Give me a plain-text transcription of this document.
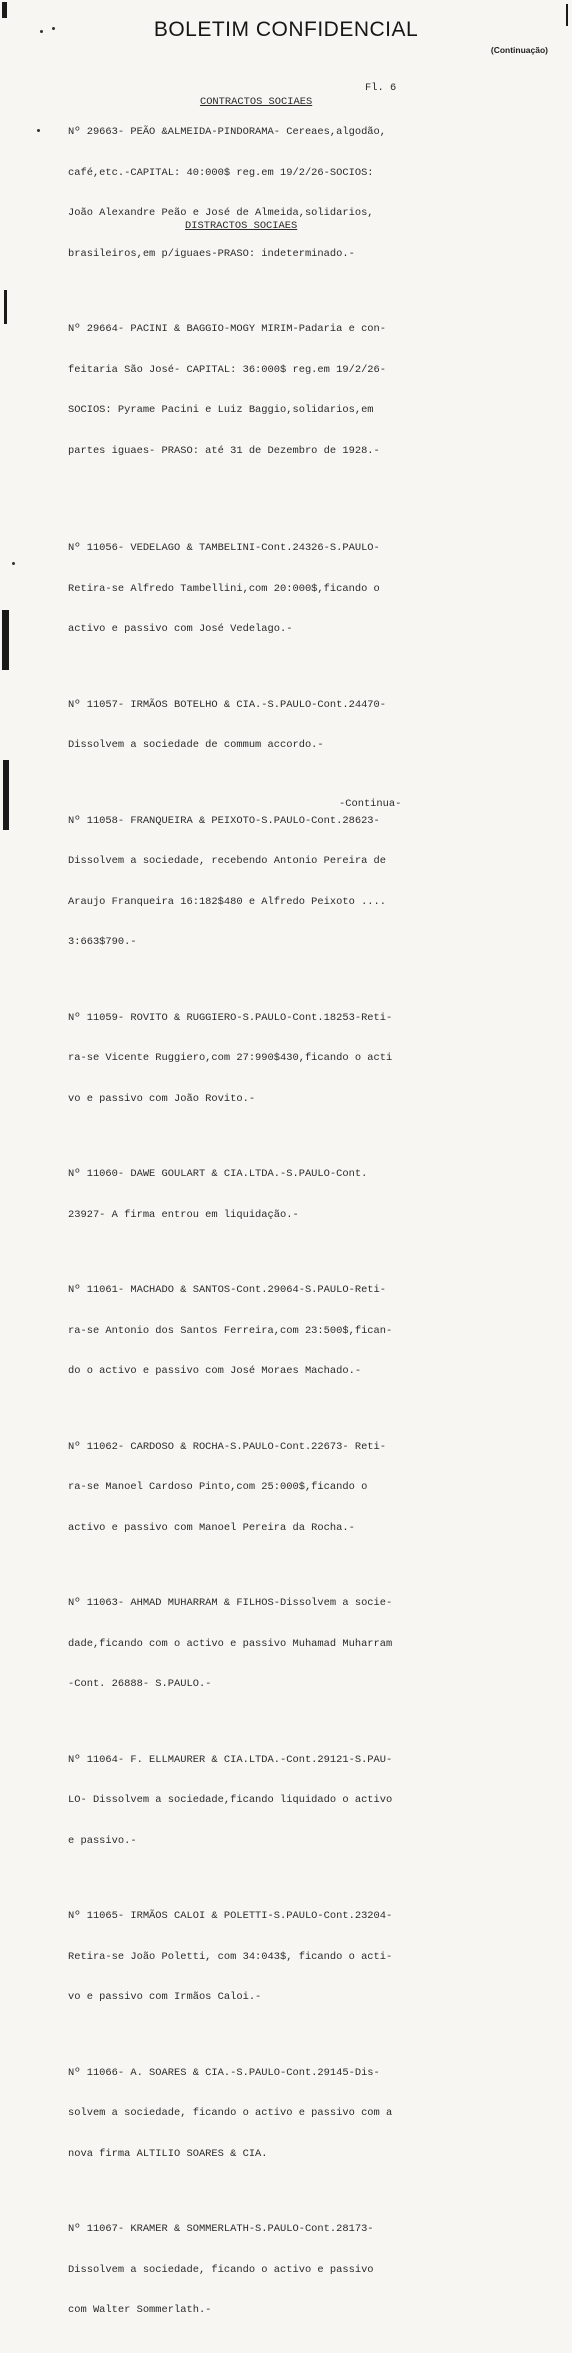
BOLETIM CONFIDENCIAL
(Continuação)

CONTRACTOS SOCIAES

Fl. 6

Nº 29663- PEÃO &ALMEIDA-PINDORAMA- Cereaes,algodão,

café,etc.-CAPITAL: 40:000$ reg.em 19/2/26-SOCIOS:

João Alexandre Peão e José de Almeida,solidarios,

brasileiros,em p/iguaes-PRASO: indeterminado.-

Nº 29664- PACINI & BAGGIO-MOGY MIRIM-Padaria e con-

feitaria São José- CAPITAL: 36:000$ reg.em 19/2/26-

SOCIOS: Pyrame Pacini e Luiz Baggio,solidarios,em

partes iguaes- PRASO: até 31 de Dezembro de 1928.-

Nº 11056- VEDELAGO & TAMBELINI-Cont.24326-S.PAULO-

Retira-se Alfredo Tambellini,com 20:000$,ficando o

activo e passivo com José Vedelago.-

Nº 11057- IRMÃOS BOTELHO & CIA.-S.PAULO-Cont.24470-

Dissolvem a sociedade de commum accordo.-

Nº 11058- FRANQUEIRA & PEIXOTO-S.PAULO-Cont.28623-

Dissolvem a sociedade, recebendo Antonio Pereira de

Araujo Franqueira 16:182$480 e Alfredo Peixoto ....

3:663$790.-

Nº 11059- ROVITO & RUGGIERO-S.PAULO-Cont.18253-Reti-

ra-se Vicente Ruggiero,com 27:990$430,ficando o acti

vo e passivo com João Rovito.-

Nº 11060- DAWE GOULART & CIA.LTDA.-S.PAULO-Cont.

23927- A firma entrou em liquidação.-

Nº 11061- MACHADO & SANTOS-Cont.29064-S.PAULO-Reti-

ra-se Antonio dos Santos Ferreira,com 23:500$,fican-

do o activo e passivo com José Moraes Machado.-

Nº 11062- CARDOSO & ROCHA-S.PAULO-Cont.22673- Reti-

ra-se Manoel Cardoso Pinto,com 25:000$,ficando o

activo e passivo com Manoel Pereira da Rocha.-

Nº 11063- AHMAD MUHARRAM & FILHOS-Dissolvem a socie-

dade,ficando com o activo e passivo Muhamad Muharram

-Cont. 26888- S.PAULO.-

Nº 11064- F. ELLMAURER & CIA.LTDA.-Cont.29121-S.PAU-

LO- Dissolvem a sociedade,ficando liquidado o activo

e passivo.-

Nº 11065- IRMÃOS CALOI & POLETTI-S.PAULO-Cont.23204-

Retira-se João Poletti, com 34:043$, ficando o acti-

vo e passivo com Irmãos Caloi.-

Nº 11066- A. SOARES & CIA.-S.PAULO-Cont.29145-Dis-

solvem a sociedade, ficando o activo e passivo com a

nova firma ALTILIO SOARES & CIA.

Nº 11067- KRAMER & SOMMERLATH-S.PAULO-Cont.28173-

Dissolvem a sociedade, ficando o activo e passivo

com Walter Sommerlath.-

DISTRACTOS SOCIAES
-Continua-
